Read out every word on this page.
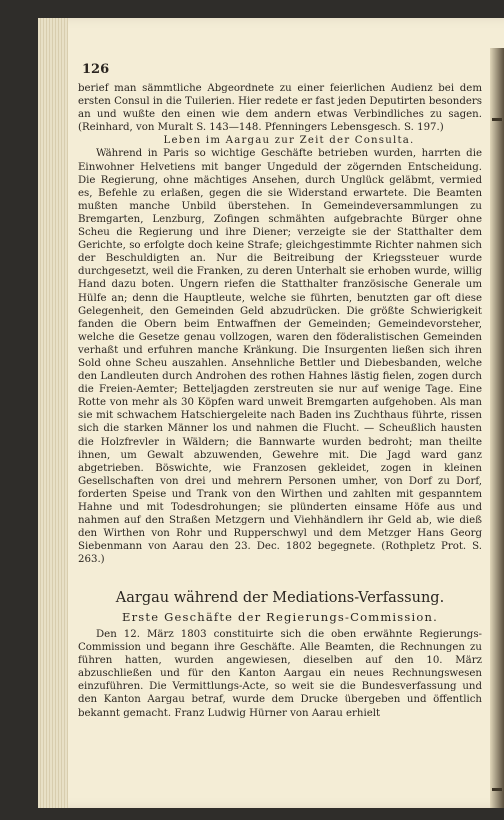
126

berief man sämmtliche Abgeordnete zu einer feierlichen Audienz bei dem ersten Consul in die Tuilerien. Hier redete er fast jeden Deputirten besonders an und wußte den einen wie dem andern etwas Verbindliches zu sagen. (Reinhard, von Muralt S. 143—148. Pfenningers Lebensgesch. S. 197.)

Leben im Aargau zur Zeit der Consulta.

Während in Paris so wichtige Geschäfte betrieben wurden, harrten die Einwohner Helvetiens mit banger Ungeduld der zögernden Entscheidung. Die Regierung, ohne mächtiges Ansehen, durch Unglück geläbmt, vermied es, Befehle zu erlaßen, gegen die sie Widerstand erwartete. Die Beamten mußten manche Unbild überstehen. In Gemeindeversammlungen zu Bremgarten, Lenzburg, Zofingen schmähten aufgebrachte Bürger ohne Scheu die Regierung und ihre Diener; verzeigte sie der Statthalter dem Gerichte, so erfolgte doch keine Strafe; gleichgestimmte Richter nahmen sich der Beschuldigten an. Nur die Beitreibung der Kriegssteuer wurde durchgesetzt, weil die Franken, zu deren Unterhalt sie erhoben wurde, willig Hand dazu boten. Ungern riefen die Statthalter französische Generale um Hülfe an; denn die Hauptleute, welche sie führten, benutzten gar oft diese Gelegenheit, den Gemeinden Geld abzudrücken. Die größte Schwierigkeit fanden die Obern beim Entwaffnen der Gemeinden; Gemeindevorsteher, welche die Gesetze genau vollzogen, waren den föderalistischen Gemeinden verhaßt und erfuhren manche Kränkung. Die Insurgenten ließen sich ihren Sold ohne Scheu auszahlen. Ansehnliche Bettler und Diebesbanden, welche den Landleuten durch Androhen des rothen Hahnes lästig fielen, zogen durch die Freien-Aemter; Betteljagden zerstreuten sie nur auf wenige Tage. Eine Rotte von mehr als 30 Köpfen ward unweit Bremgarten aufgehoben. Als man sie mit schwachem Hatschiergeleite nach Baden ins Zuchthaus führte, rissen sich die starken Männer los und nahmen die Flucht. — Scheußlich hausten die Holzfrevler in Wäldern; die Bannwarte wurden bedroht; man theilte ihnen, um Gewalt abzuwenden, Gewehre mit. Die Jagd ward ganz abgetrieben. Böswichte, wie Franzosen gekleidet, zogen in kleinen Gesellschaften von drei und mehrern Personen umher, von Dorf zu Dorf, forderten Speise und Trank von den Wirthen und zahlten mit gespanntem Hahne und mit Todesdrohungen; sie plünderten einsame Höfe aus und nahmen auf den Straßen Metzgern und Viehhändlern ihr Geld ab, wie dieß den Wirthen von Rohr und Rupperschwyl und dem Metzger Hans Georg Siebenmann von Aarau den 23. Dec. 1802 begegnete. (Rothpletz Prot. S. 263.)

Aargau während der Mediations-Verfassung.
Erste Geschäfte der Regierungs-Commission.

Den 12. März 1803 constituirte sich die oben erwähnte Regierungs-Commission und begann ihre Geschäfte. Alle Beamten, die Rechnungen zu führen hatten, wurden angewiesen, dieselben auf den 10. März abzuschließen und für den Kanton Aargau ein neues Rechnungswesen einzuführen. Die Vermittlungs-Acte, so weit sie die Bundesverfassung und den Kanton Aargau betraf, wurde dem Drucke übergeben und öffentlich bekannt gemacht. Franz Ludwig Hürner von Aarau erhielt
